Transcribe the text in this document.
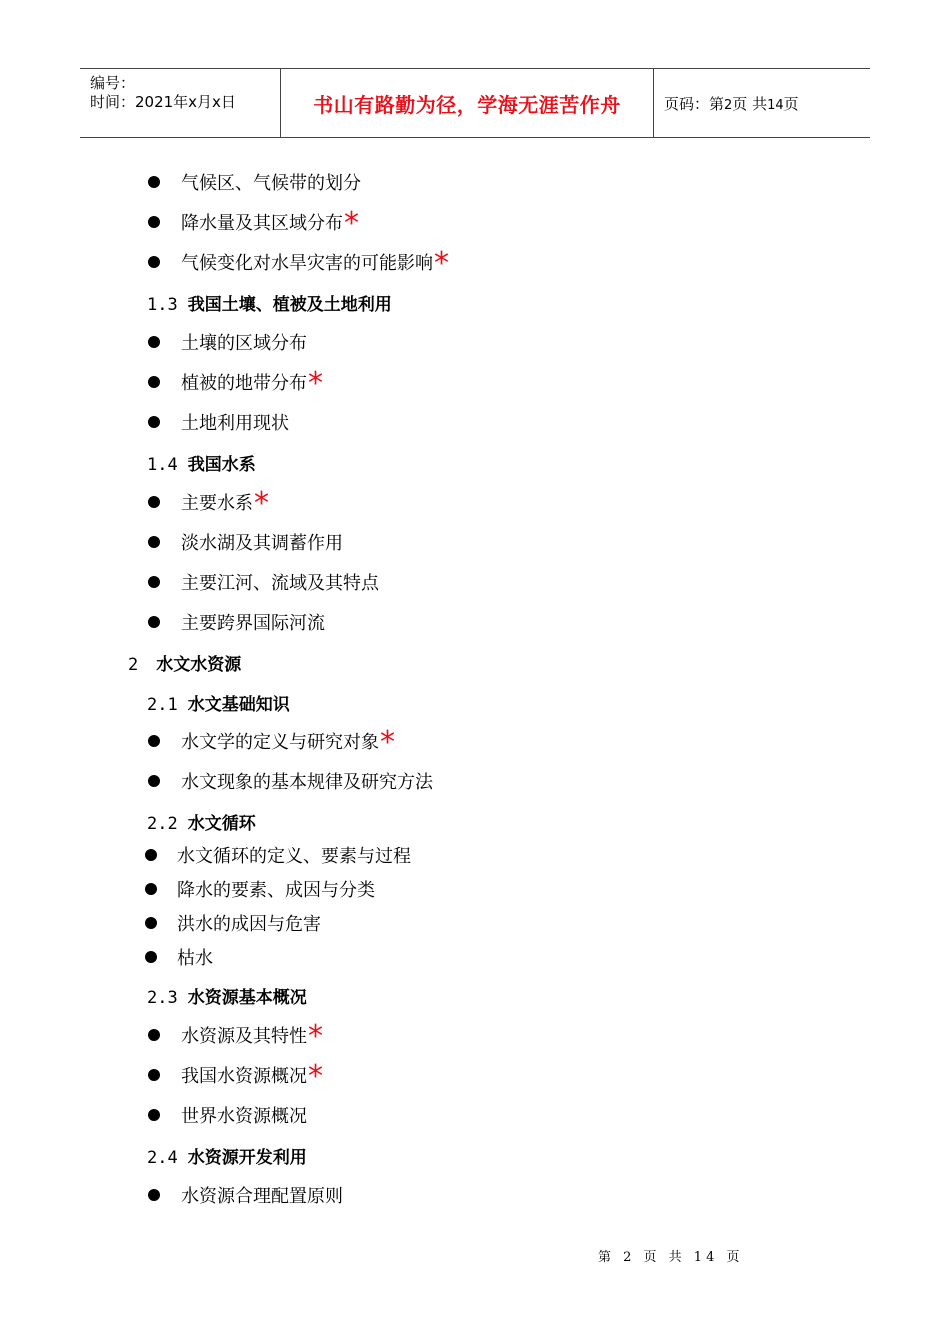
编号：
时间：2021年x月x日	书山有路勤为径，学海无涯苦作舟	页码：第2页 共14页
气候区、气候带的划分
降水量及其区域分布*
气候变化对水旱灾害的可能影响*
1.3 我国土壤、植被及土地利用
土壤的区域分布
植被的地带分布*
土地利用现状
1.4 我国水系
主要水系*
淡水湖及其调蓄作用
主要江河、流域及其特点
主要跨界国际河流
2 水文水资源
2.1 水文基础知识
水文学的定义与研究对象*
水文现象的基本规律及研究方法
2.2 水文循环
水文循环的定义、要素与过程
降水的要素、成因与分类
洪水的成因与危害
枯水
2.3 水资源基本概况
水资源及其特性*
我国水资源概况*
世界水资源概况
2.4 水资源开发利用
水资源合理配置原则
第 2 页 共 14 页
